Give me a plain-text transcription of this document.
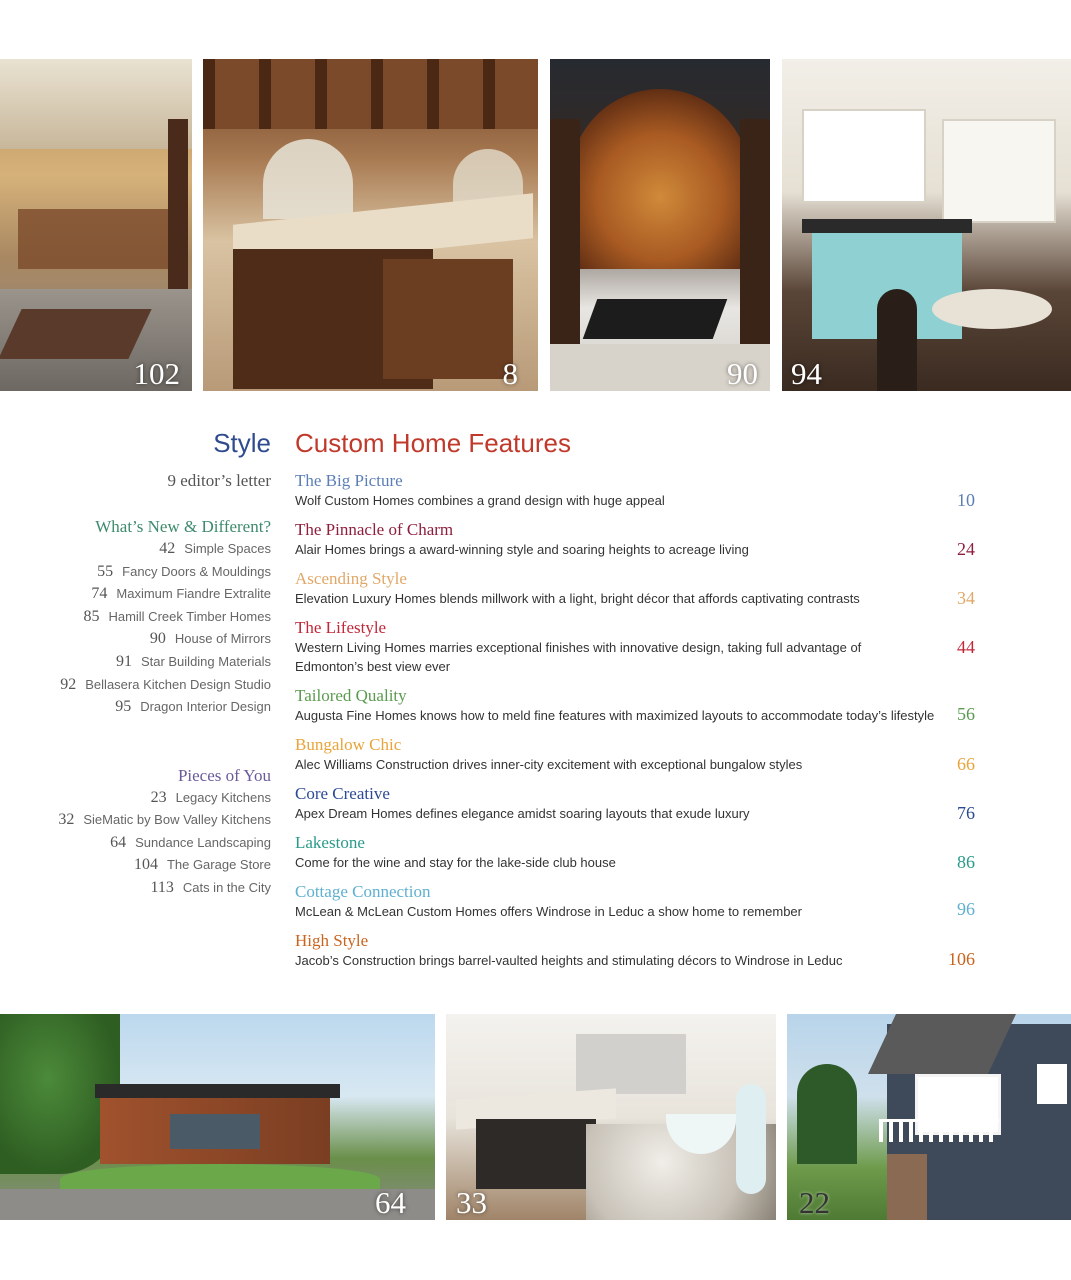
102	8	90 94
Style
9 editor’s letter
What’s New & Different?
42 Simple Spaces
55 Fancy Doors & Mouldings
74 Maximum Fiandre Extralite
85 Hamill Creek Timber Homes
90 House of Mirrors
91 Star Building Materials
92 Bellasera Kitchen Design Studio
95 Dragon Interior Design
Pieces of You
23 Legacy Kitchens
32 SieMatic by Bow Valley Kitchens
64 Sundance Landscaping
104 The Garage Store
113 Cats in the City
Custom Home Features
The Big Picture
Wolf Custom Homes combines a grand design with huge appeal	10
The Pinnacle of Charm
Alair Homes brings a award-winning style and soaring heights to acreage living	24
Ascending Style
Elevation Luxury Homes blends millwork with a light, bright décor that affords captivating contrasts	34
The Lifestyle
Western Living Homes marries exceptional finishes with innovative design, taking full advantage of Edmonton’s best view ever
44
Tailored Quality
Augusta Fine Homes knows how to meld fine features with maximized layouts to accommodate today’s lifestyle 56
Bungalow Chic
Alec Williams Construction drives inner-city excitement with exceptional bungalow styles	66
Core Creative
Apex Dream Homes defines elegance amidst soaring layouts that exude luxury	76
Lakestone
Come for the wine and stay for the lake-side club house	86
Cottage Connection
McLean & McLean Custom Homes offers Windrose in Leduc a show home to remember	96
High Style
Jacob’s Construction brings barrel-vaulted heights and stimulating décors to Windrose in Leduc	106
64 33	22
